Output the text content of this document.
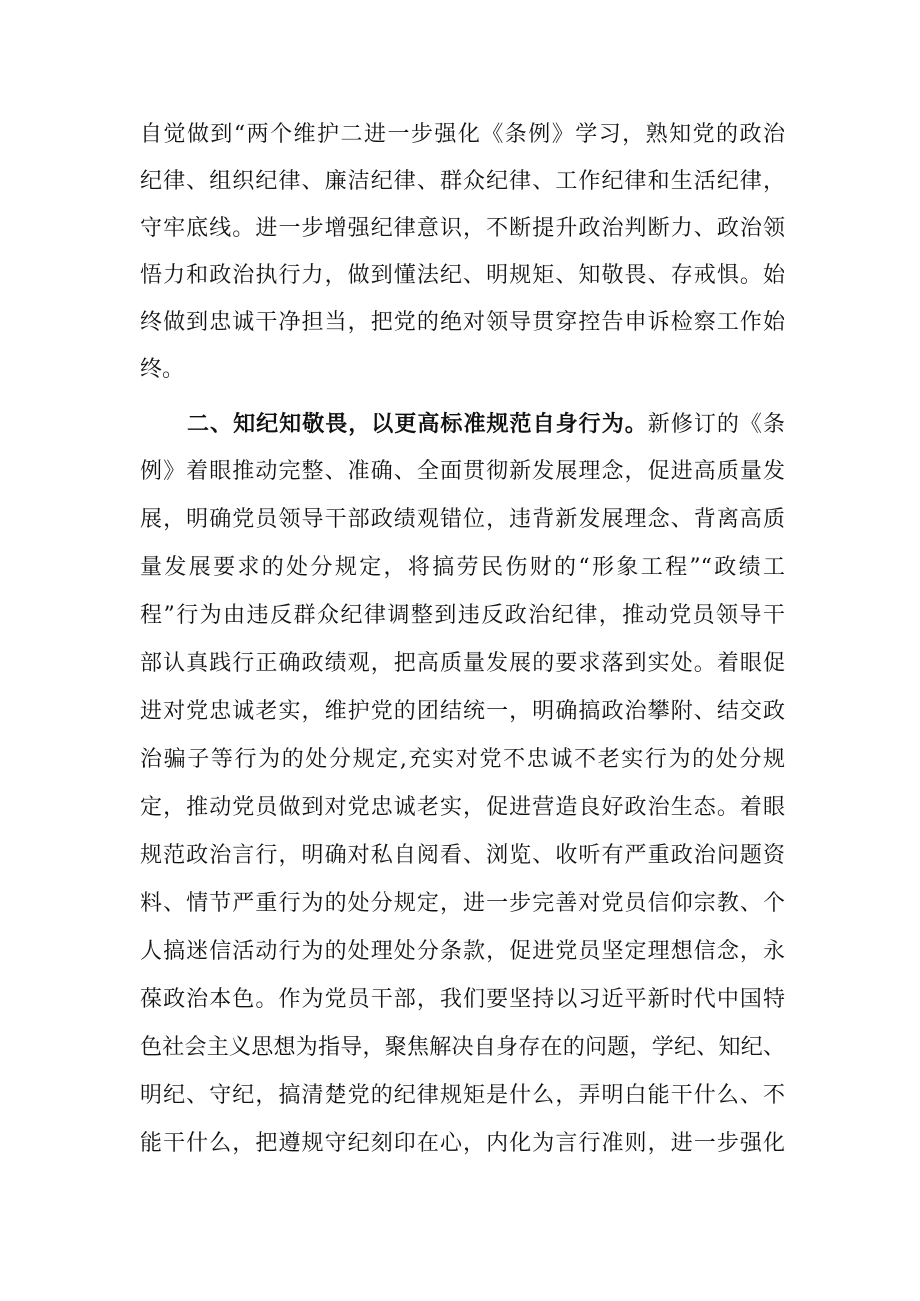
自觉做到“两个维护二进一步强化《条例》学习，熟知党的政治
纪律、组织纪律、廉洁纪律、群众纪律、工作纪律和生活纪律，
守牢底线。进一步增强纪律意识，不断提升政治判断力、政治领
悟力和政治执行力，做到懂法纪、明规矩、知敬畏、存戒惧。始
终做到忠诚干净担当，把党的绝对领导贯穿控告申诉检察工作始
终。
二、知纪知敬畏，以更高标准规范自身行为。新修订的《条
例》着眼推动完整、准确、全面贯彻新发展理念，促进高质量发
展，明确党员领导干部政绩观错位，违背新发展理念、背离高质
量发展要求的处分规定，将搞劳民伤财的“形象工程”“政绩工
程”行为由违反群众纪律调整到违反政治纪律，推动党员领导干
部认真践行正确政绩观，把高质量发展的要求落到实处。着眼促
进对党忠诚老实，维护党的团结统一，明确搞政治攀附、结交政
治骗子等行为的处分规定,充实对党不忠诚不老实行为的处分规
定，推动党员做到对党忠诚老实，促进营造良好政治生态。着眼
规范政治言行，明确对私自阅看、浏览、收听有严重政治问题资
料、情节严重行为的处分规定，进一步完善对党员信仰宗教、个
人搞迷信活动行为的处理处分条款，促进党员坚定理想信念，永
葆政治本色。作为党员干部，我们要坚持以习近平新时代中国特
色社会主义思想为指导，聚焦解决自身存在的问题，学纪、知纪、
明纪、守纪，搞清楚党的纪律规矩是什么，弄明白能干什么、不
能干什么，把遵规守纪刻印在心，内化为言行准则，进一步强化
